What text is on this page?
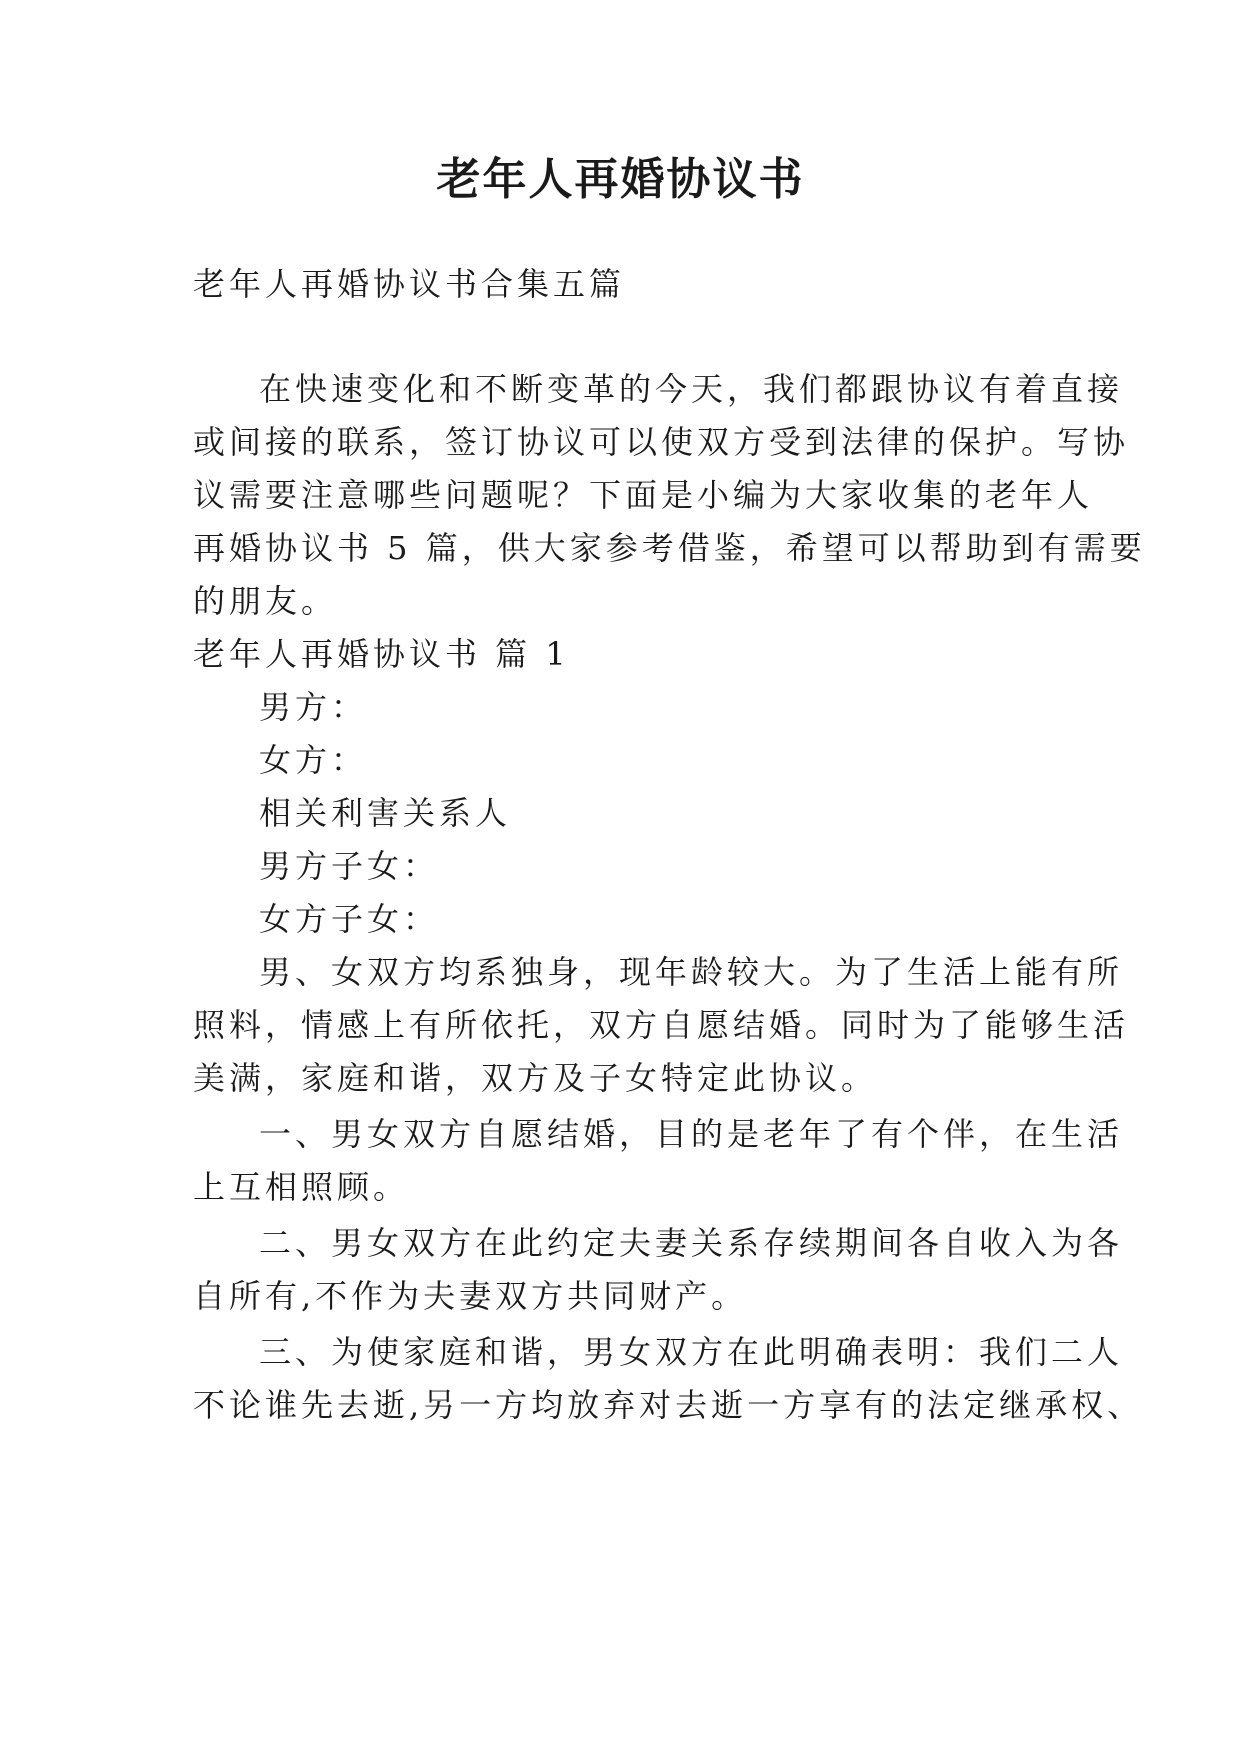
老年人再婚协议书
老年人再婚协议书合集五篇
在快速变化和不断变革的今天，我们都跟协议有着直接
或间接的联系，签订协议可以使双方受到法律的保护。写协
议需要注意哪些问题呢？下面是小编为大家收集的老年人
再婚协议书 5 篇，供大家参考借鉴，希望可以帮助到有需要
的朋友。
老年人再婚协议书 篇 1
男方：
女方：
相关利害关系人
男方子女：
女方子女：
男、女双方均系独身，现年龄较大。为了生活上能有所
照料，情感上有所依托，双方自愿结婚。同时为了能够生活
美满，家庭和谐，双方及子女特定此协议。
一、男女双方自愿结婚，目的是老年了有个伴，在生活
上互相照顾。
二、男女双方在此约定夫妻关系存续期间各自收入为各
自所有,不作为夫妻双方共同财产。
三、为使家庭和谐，男女双方在此明确表明：我们二人
不论谁先去逝,另一方均放弃对去逝一方享有的法定继承权、
